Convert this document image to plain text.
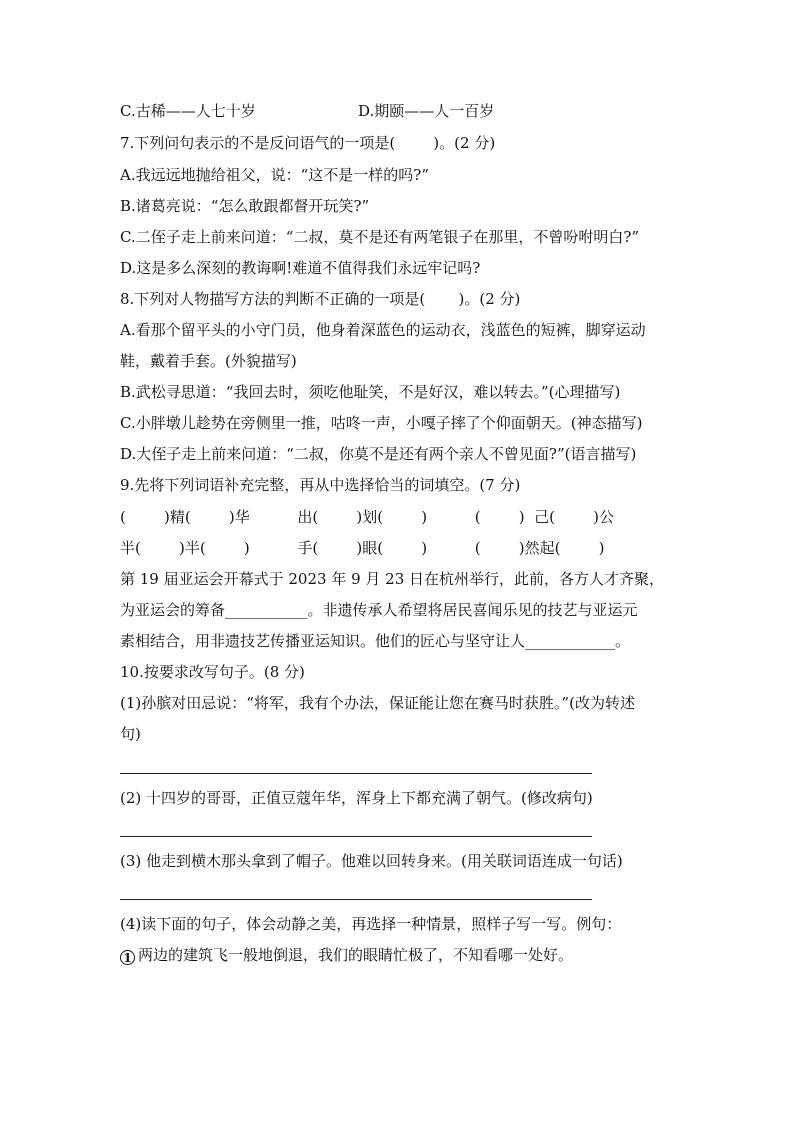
C.古稀——人七十岁	D.期颐——人一百岁
7.下列问句表示的不是反问语气的一项是(        )。(2 分)
A.我远远地抛给祖父，说：“这不是一样的吗?”
B.诸葛亮说：“怎么敢跟都督开玩笑?”
C.二侄子走上前来问道：“二叔，莫不是还有两笔银子在那里，不曾吩咐明白?”
D.这是多么深刻的教诲啊!难道不值得我们永远牢记吗?
8.下列对人物描写方法的判断不正确的一项是(       )。(2 分)
A.看那个留平头的小守门员，他身着深蓝色的运动衣，浅蓝色的短裤，脚穿运动
鞋，戴着手套。(外貌描写)
B.武松寻思道：“我回去时，须吃他耻笑，不是好汉，难以转去。”(心理描写)
C.小胖墩儿趁势在旁侧里一推，咕咚一声，小嘎子摔了个仰面朝天。(神态描写)
D.大侄子走上前来问道：“二叔，你莫不是还有两个亲人不曾见面?”(语言描写)
9.先将下列词语补充完整，再从中选择恰当的词填空。(7 分)
(        )精(        )华          出(        )划(        )          (        )  己(        )公
半(        )半(        )          手(        )眼(        )          (        )然起(        )
第 19 届亚运会开幕式于 2023 年 9 月 23 日在杭州举行，此前，各方人才齐聚，
为亚运会的筹备___________。非遗传承人希望将居民喜闻乐见的技艺与亚运元
素相结合，用非遗技艺传播亚运知识。他们的匠心与坚守让人____________。
10.按要求改写句子。(8 分)
(1)孙膑对田忌说：“将军，我有个办法，保证能让您在赛马时获胜。”(改为转述
句)
(2) 十四岁的哥哥，正值豆蔻年华，浑身上下都充满了朝气。(修改病句)
(3) 他走到横木那头拿到了帽子。他难以回转身来。(用关联词语连成一句话)
(4)读下面的句子，体会动静之美，再选择一种情景，照样子写一写。例句：
1 两边的建筑飞一般地倒退，我们的眼睛忙极了，不知看哪一处好。
